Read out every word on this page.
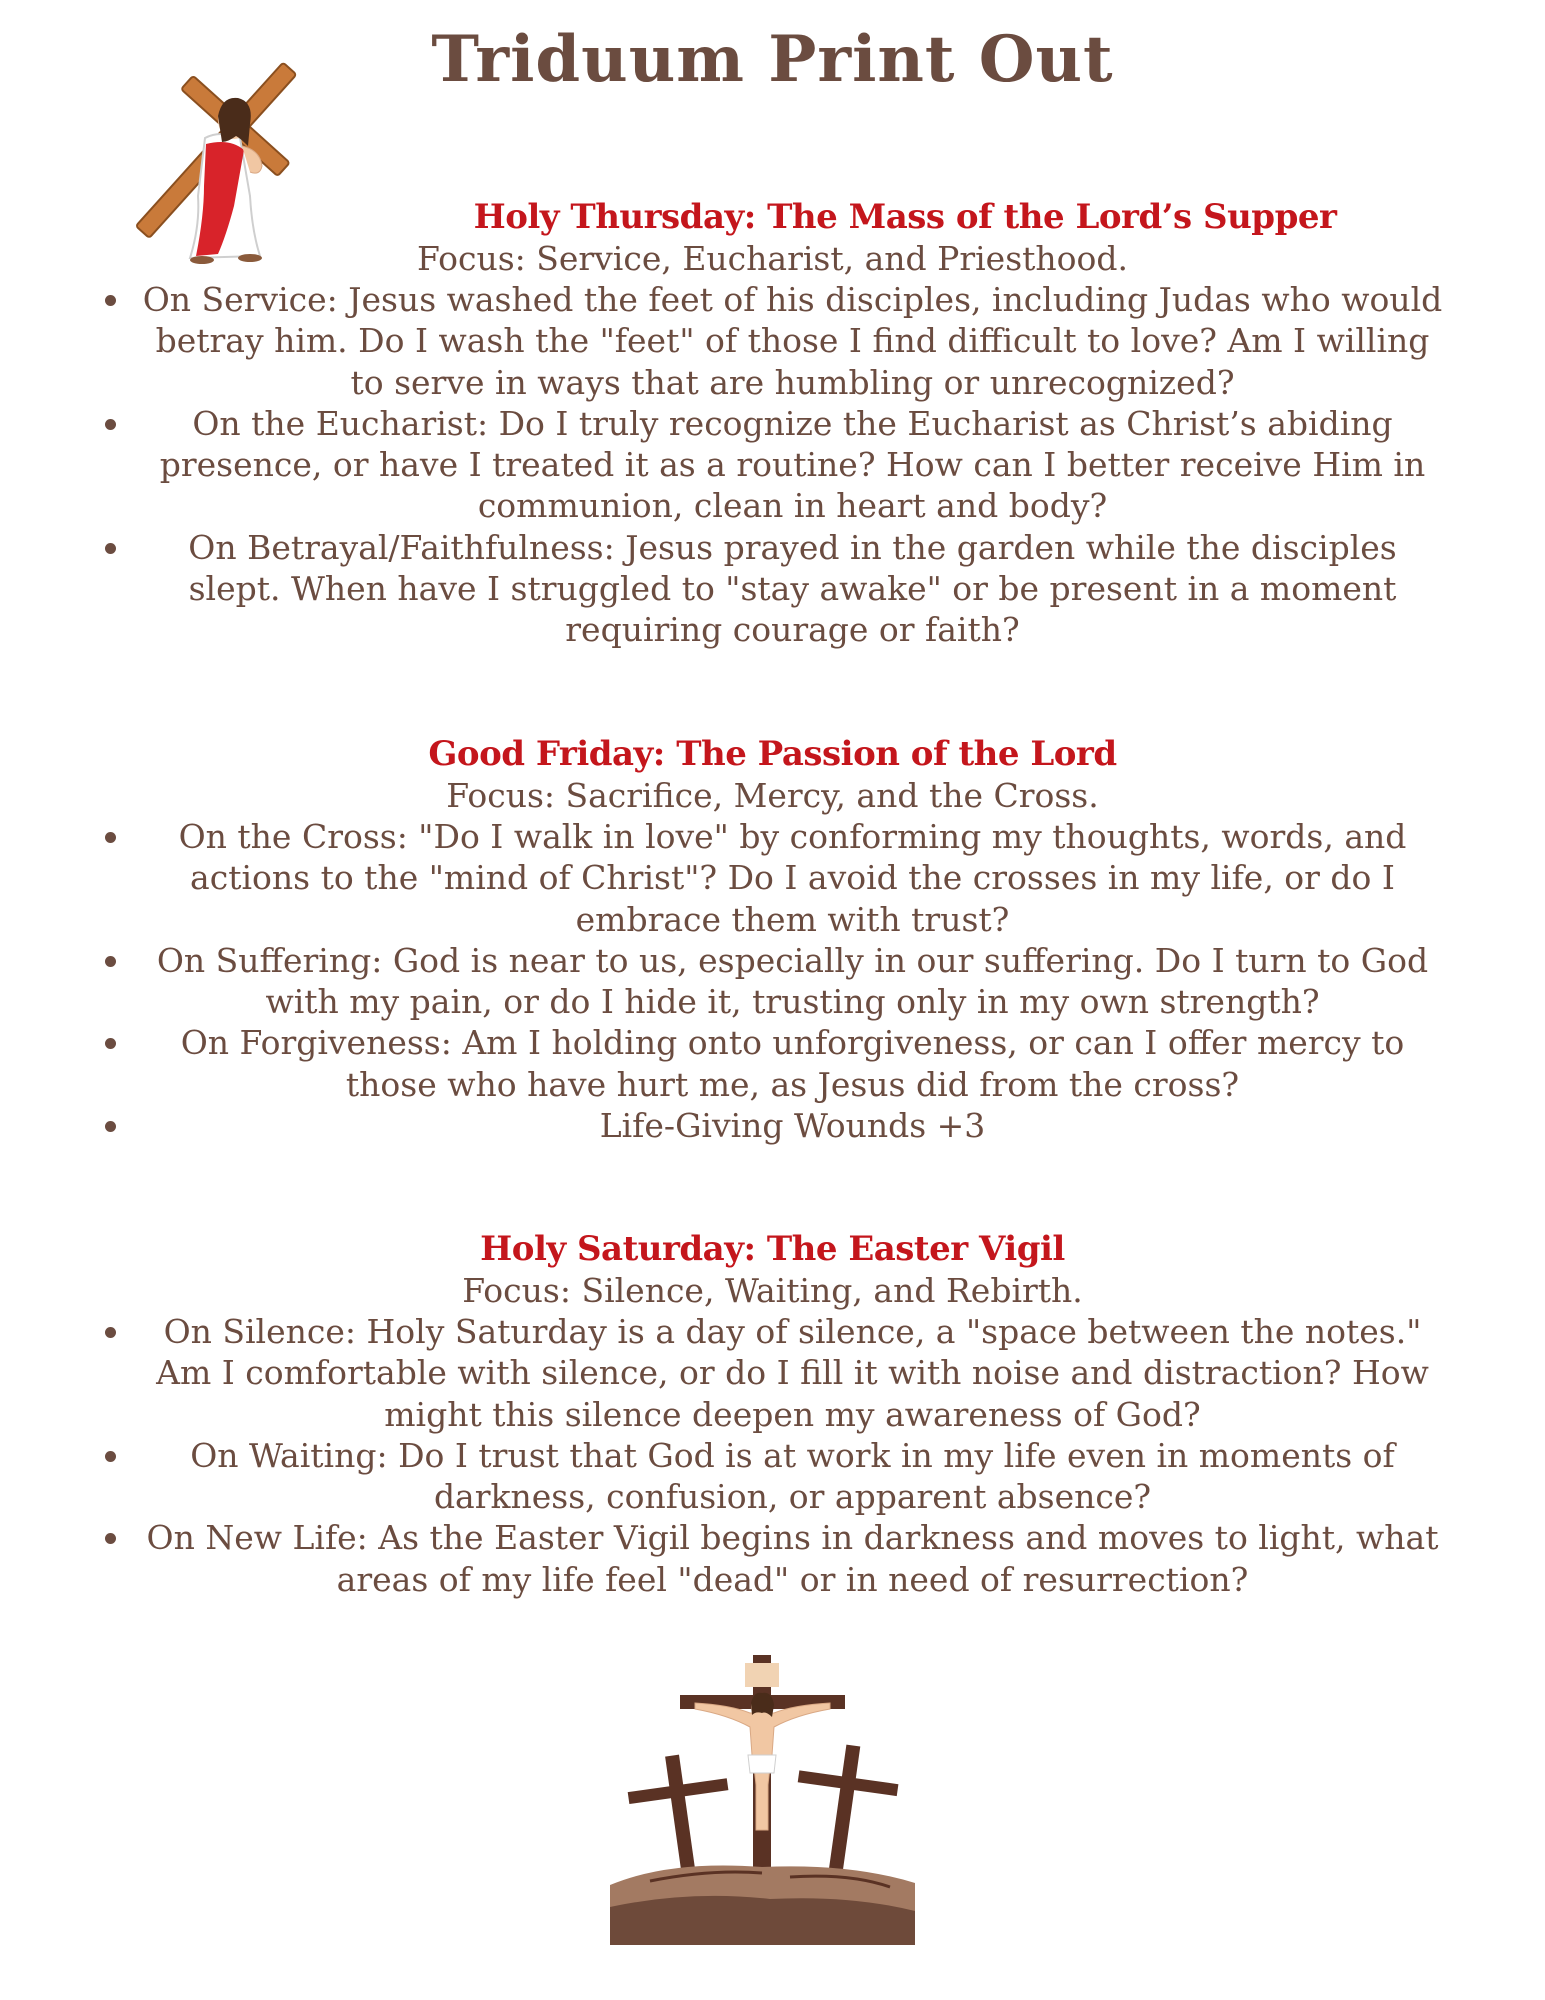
Triduum Print Out
Holy Thursday: The Mass of the Lord’s Supper

Focus: Service, Eucharist, and Priesthood.

On Service: Jesus washed the feet of his disciples, including Judas who would betray him. Do I wash the "feet" of those I find difficult to love? Am I willing to serve in ways that are humbling or unrecognized?
On the Eucharist: Do I truly recognize the Eucharist as Christ’s abiding presence, or have I treated it as a routine? How can I better receive Him in communion, clean in heart and body?
On Betrayal/Faithfulness: Jesus prayed in the garden while the disciples slept. When have I struggled to "stay awake" or be present in a moment requiring courage or faith?
Good Friday: The Passion of the Lord

Focus: Sacrifice, Mercy, and the Cross.

On the Cross: "Do I walk in love" by conforming my thoughts, words, and actions to the "mind of Christ"? Do I avoid the crosses in my life, or do I embrace them with trust?
On Suffering: God is near to us, especially in our suffering. Do I turn to God with my pain, or do I hide it, trusting only in my own strength?
On Forgiveness: Am I holding onto unforgiveness, or can I offer mercy to those who have hurt me, as Jesus did from the cross?
Life-Giving Wounds +3
Holy Saturday: The Easter Vigil

Focus: Silence, Waiting, and Rebirth.

On Silence: Holy Saturday is a day of silence, a "space between the notes." Am I comfortable with silence, or do I fill it with noise and distraction? How might this silence deepen my awareness of God?
On Waiting: Do I trust that God is at work in my life even in moments of darkness, confusion, or apparent absence?
On New Life: As the Easter Vigil begins in darkness and moves to light, what areas of my life feel "dead" or in need of resurrection?
